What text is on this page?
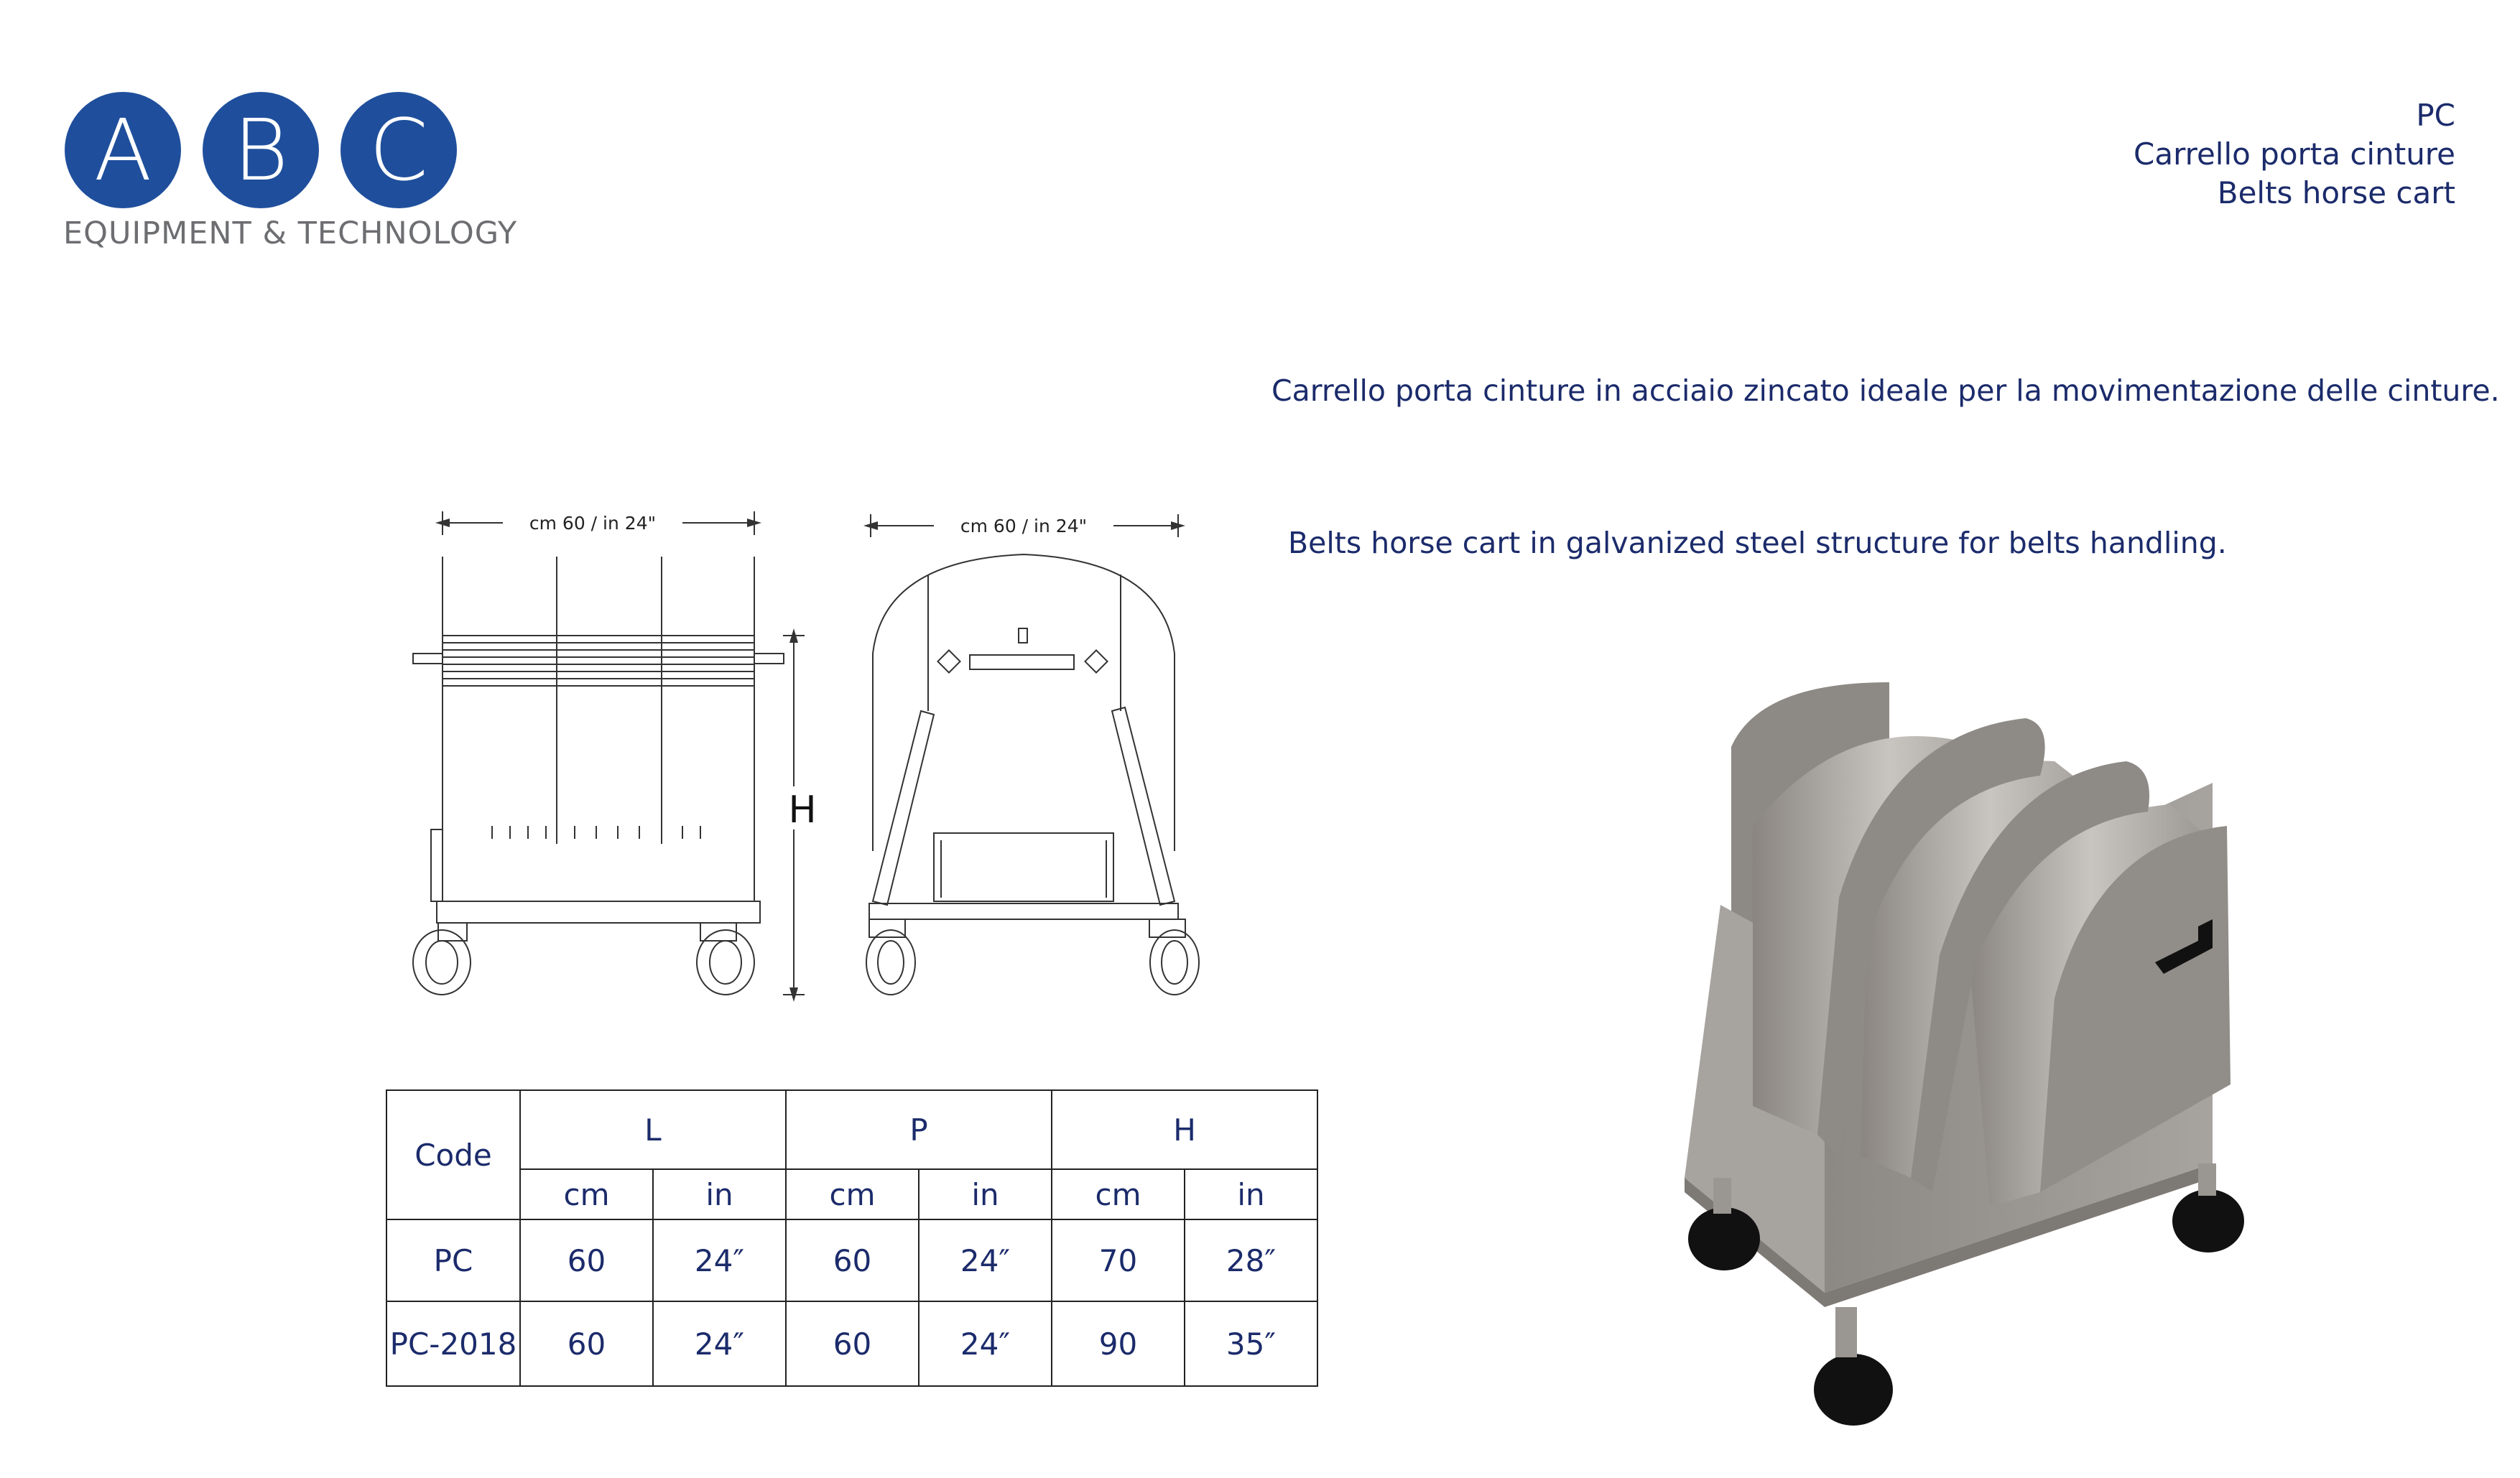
A B C
EQUIPMENT & TECHNOLOGY
PC
Carrello porta cinture
Belts horse cart
Carrello porta cinture in acciaio zincato ideale per la movimentazione delle cinture.
Belts horse cart in galvanized steel structure for belts handling.
cm 60 / in 24"	cm 60 / in 24"
H
Code	L		P		H	
	cm	in	cm	in	cm	in
PC	60	24″	60	24″	70	28″
PC-2018	60	24″	60	24″	90	35″
